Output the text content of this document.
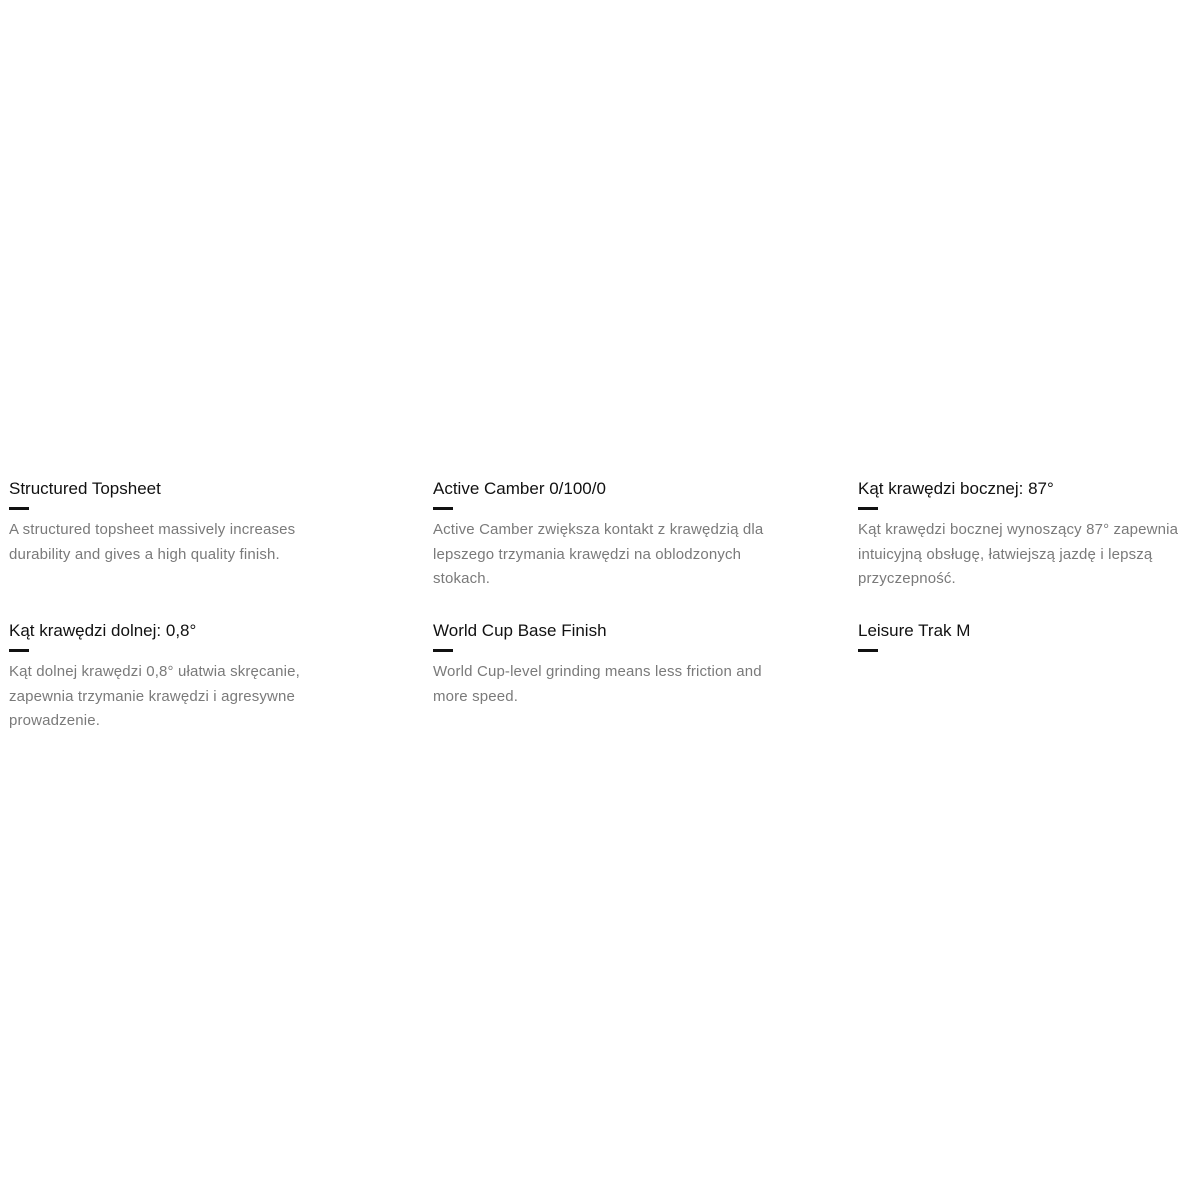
Structured Topsheet

A structured topsheet massively increases durability and gives a high quality finish.

Active Camber 0/100/0

Active Camber zwiększa kontakt z krawędzią dla lepszego trzymania krawędzi na oblodzonych stokach.

Kąt krawędzi bocznej: 87°

Kąt krawędzi bocznej wynoszący 87° zapewnia intuicyjną obsługę, łatwiejszą jazdę i lepszą przyczepność.

Kąt krawędzi dolnej: 0,8°

Kąt dolnej krawędzi 0,8° ułatwia skręcanie, zapewnia trzymanie krawędzi i agresywne prowadzenie.

World Cup Base Finish

World Cup-level grinding means less friction and more speed.

Leisure Trak M
